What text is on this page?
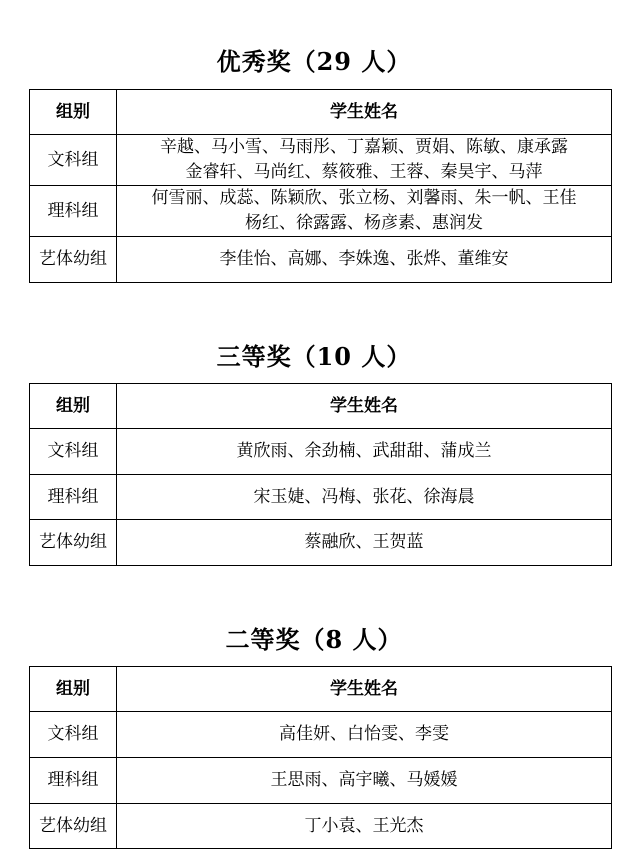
优秀奖（29 人）
组别	学生姓名
文科组	辛越、马小雪、马雨彤、丁嘉颖、贾娟、陈敏、康承露
金睿轩、马尚红、蔡筱雅、王蓉、秦昊宇、马萍

理科组	何雪丽、成蕊、陈颖欣、张立杨、刘馨雨、朱一帆、王佳
杨红、徐露露、杨彦素、惠润发

艺体幼组	李佳怡、高娜、李姝逸、张烨、董维安
三等奖（10 人）
组别	学生姓名
文科组	黄欣雨、余劲楠、武甜甜、蒲成兰

理科组	宋玉婕、冯梅、张花、徐海晨

艺体幼组	蔡融欣、王贺蓝
二等奖（8 人）
组别	学生姓名
文科组	高佳妍、白怡雯、李雯

理科组	王思雨、高宇曦、马媛媛

艺体幼组	丁小袁、王光杰
